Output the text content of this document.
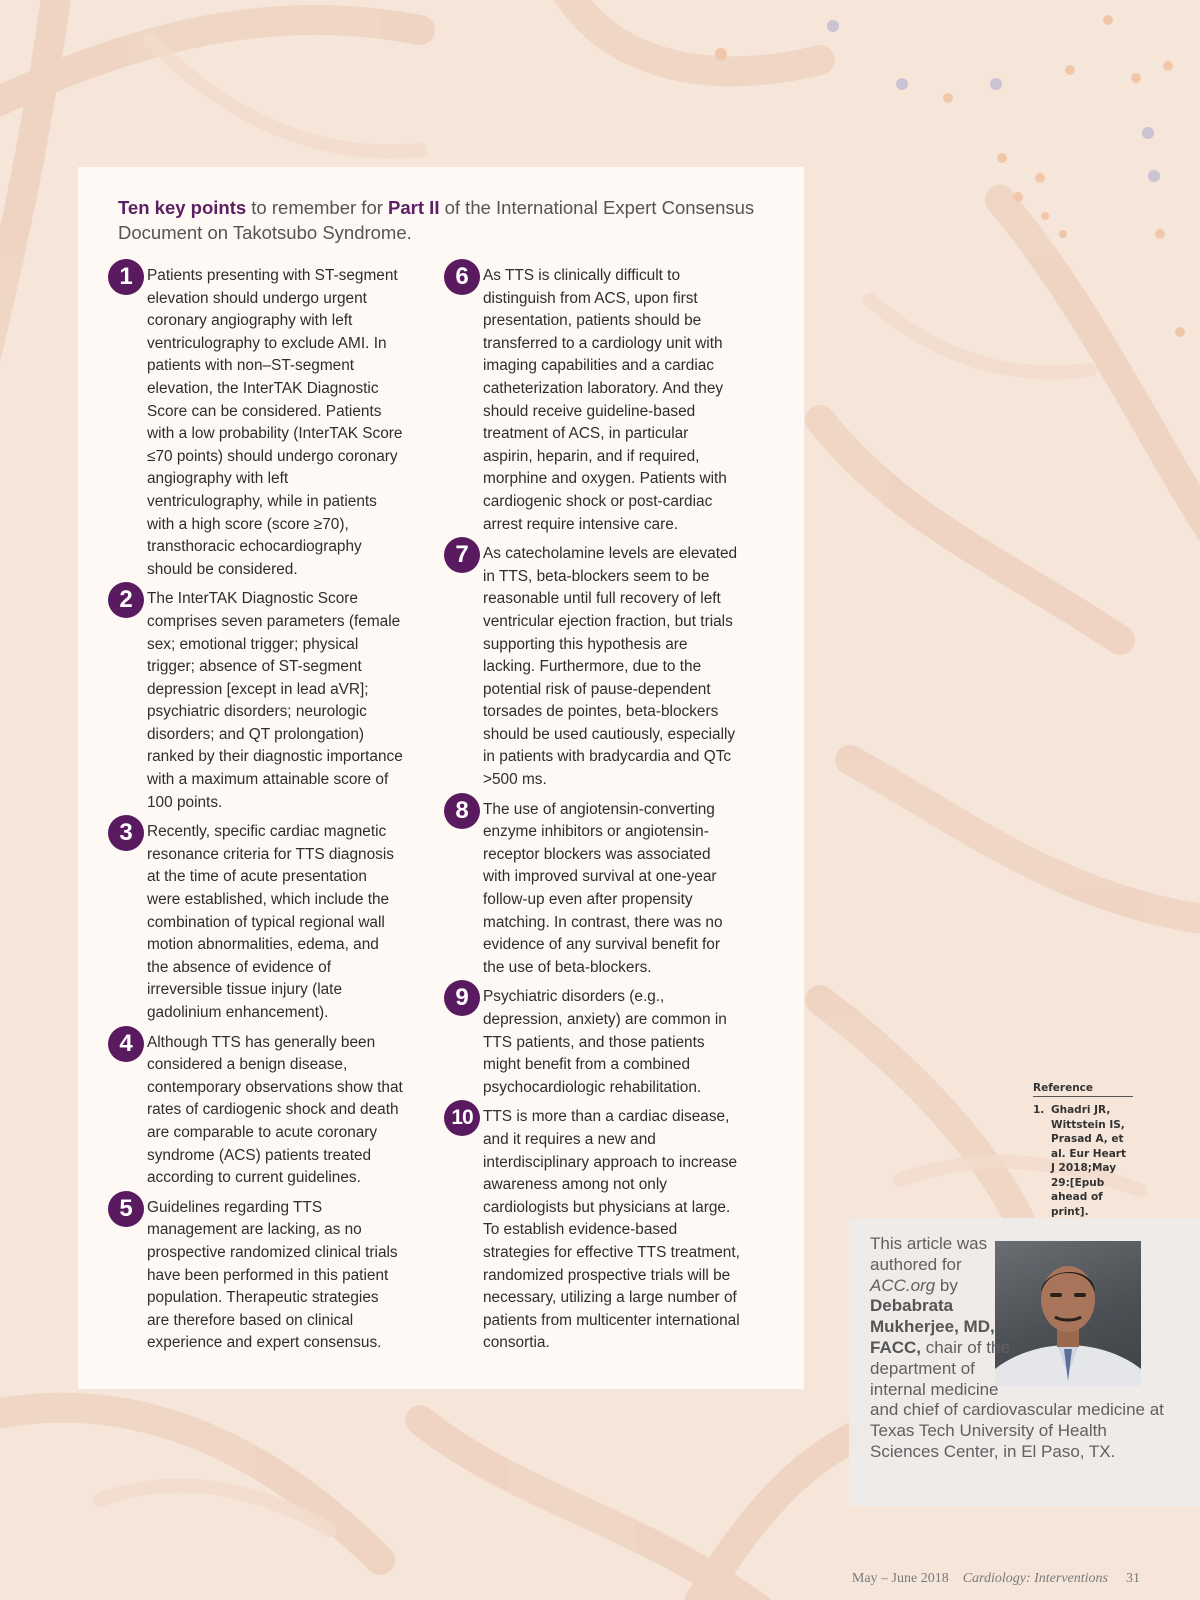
Ten key points to remember for Part II of the International Expert Consensus Document on Takotsubo Syndrome.
1 Patients presenting with ST-segment elevation should undergo urgent coronary angiography with left ventriculography to exclude AMI. In patients with non–ST-segment elevation, the InterTAK Diagnostic Score can be considered. Patients with a low probability (InterTAK Score ≤70 points) should undergo coronary angiography with left ventriculography, while in patients with a high score (score ≥70), transthoracic echocardiography should be considered.
2 The InterTAK Diagnostic Score comprises seven parameters (female sex; emotional trigger; physical trigger; absence of ST-segment depression [except in lead aVR]; psychiatric disorders; neurologic disorders; and QT prolongation) ranked by their diagnostic importance with a maximum attainable score of 100 points.
3 Recently, specific cardiac magnetic resonance criteria for TTS diagnosis at the time of acute presentation were established, which include the combination of typical regional wall motion abnormalities, edema, and the absence of evidence of irreversible tissue injury (late gadolinium enhancement).
4 Although TTS has generally been considered a benign disease, contemporary observations show that rates of cardiogenic shock and death are comparable to acute coronary syndrome (ACS) patients treated according to current guidelines.
5 Guidelines regarding TTS management are lacking, as no prospective randomized clinical trials have been performed in this patient population. Therapeutic strategies are therefore based on clinical experience and expert consensus.
6 As TTS is clinically difficult to distinguish from ACS, upon first presentation, patients should be transferred to a cardiology unit with imaging capabilities and a cardiac catheterization laboratory. And they should receive guideline-based treatment of ACS, in particular aspirin, heparin, and if required, morphine and oxygen. Patients with cardiogenic shock or post-cardiac arrest require intensive care.
7 As catecholamine levels are elevated in TTS, beta-blockers seem to be reasonable until full recovery of left ventricular ejection fraction, but trials supporting this hypothesis are lacking. Furthermore, due to the potential risk of pause-dependent torsades de pointes, beta-blockers should be used cautiously, especially in patients with bradycardia and QTc >500 ms.
8 The use of angiotensin-converting enzyme inhibitors or angiotensin-receptor blockers was associated with improved survival at one-year follow-up even after propensity matching. In contrast, there was no evidence of any survival benefit for the use of beta-blockers.
9 Psychiatric disorders (e.g., depression, anxiety) are common in TTS patients, and those patients might benefit from a combined psychocardiologic rehabilitation.
10 TTS is more than a cardiac disease, and it requires a new and interdisciplinary approach to increase awareness among not only cardiologists but physicians at large. To establish evidence-based strategies for effective TTS treatment, randomized prospective trials will be necessary, utilizing a large number of patients from multicenter international consortia.
Reference
1. Ghadri JR, Wittstein IS, Prasad A, et al. Eur Heart J 2018;May 29:[Epub ahead of print].
This article was authored for ACC.org by Debabrata Mukherjee, MD, FACC, chair of the department of internal medicine and chief of cardiovascular medicine at Texas Tech University of Health Sciences Center, in El Paso, TX.
May – June 2018 Cardiology: Interventions 31
